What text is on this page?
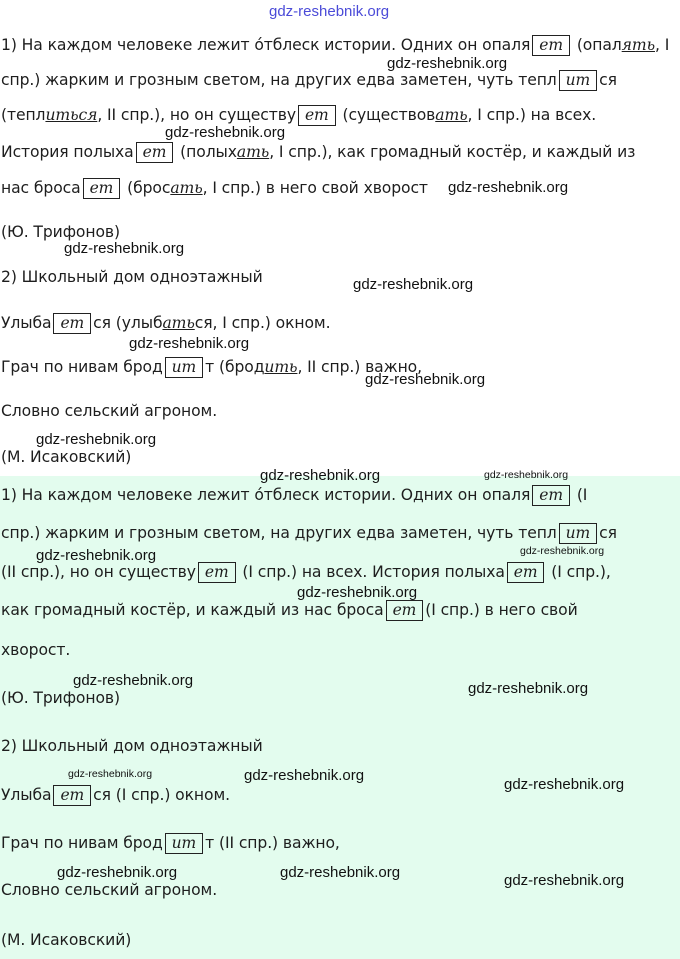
1) На каждом человеке лежит о́тблеск истории. Одних он опаля ет (опалять, I
спр.) жарким и грозным светом, на других едва заметен, чуть тепл ит ся
(теплиться, II спр.), но он существу ет (существовать, I спр.) на всех.
История полыха ет (полыхать, I спр.), как громадный костёр, и каждый из
нас броса ет (бросать, I спр.) в него свой хворост
(Ю. Трифонов)
2) Школьный дом одноэтажный
Улыба ет ся (улыбаться, I спр.) окном.
Грач по нивам брод ит т (бродить, II спр.) важно,
Словно сельский агроном.
(М. Исаковский)
1) На каждом человеке лежит о́тблеск истории. Одних он опаля ет (I
спр.) жарким и грозным светом, на других едва заметен, чуть тепл ит ся
(II спр.), но он существу ет (I спр.) на всех. История полыха ет (I спр.),
как громадный костёр, и каждый из нас броса ет (I спр.) в него свой
хворост.
(Ю. Трифонов)
2) Школьный дом одноэтажный
Улыба ет ся (I спр.) окном.
Грач по нивам брод ит т (II спр.) важно,
Словно сельский агроном.
(М. Исаковский)
gdz-reshebnik.org
gdz-reshebnik.org
gdz-reshebnik.org
gdz-reshebnik.org
gdz-reshebnik.org
gdz-reshebnik.org
gdz-reshebnik.org
gdz-reshebnik.org
gdz-reshebnik.org
gdz-reshebnik.org	gdz-reshebnik.org
gdz-reshebnik.org	gdz-reshebnik.org
gdz-reshebnik.org
gdz-reshebnik.org	gdz-reshebnik.org
gdz-reshebnik.org	gdz-reshebnik.org
gdz-reshebnik.org
gdz-reshebnik.org	gdz-reshebnik.org	gdz-reshebnik.org
